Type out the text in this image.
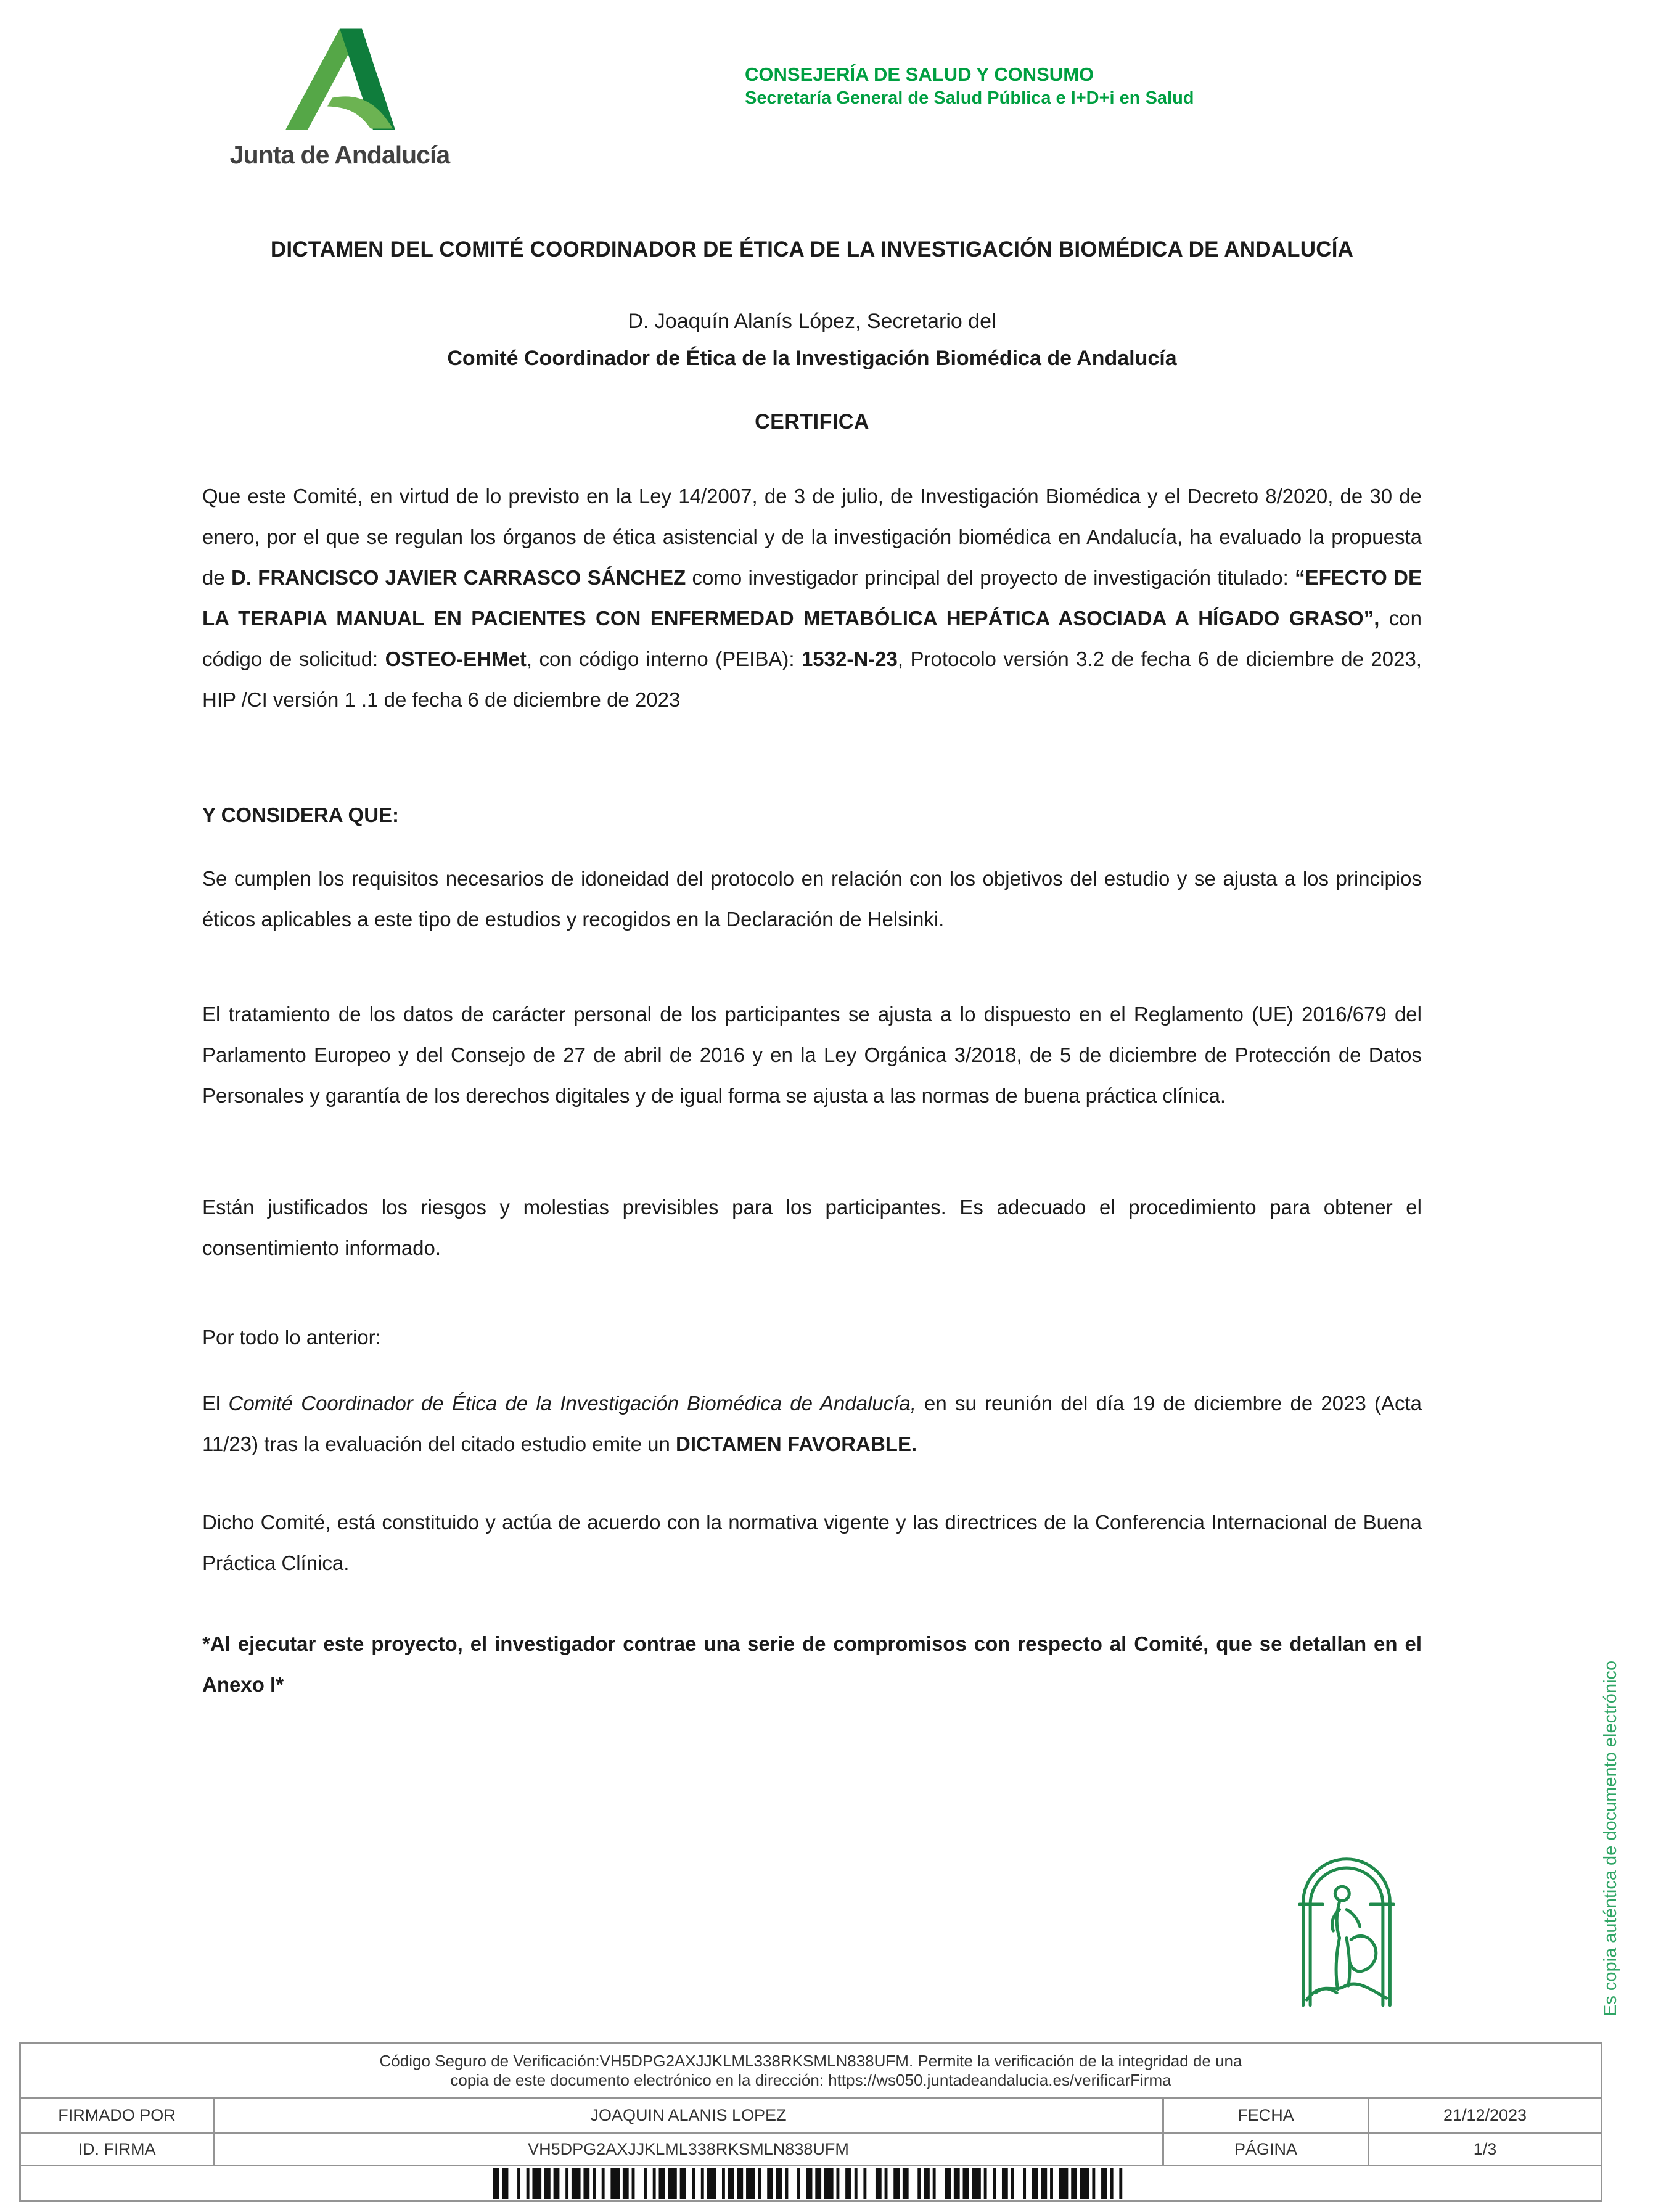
Junta de Andalucía
CONSEJERÍA DE SALUD Y CONSUMO
Secretaría General de Salud Pública e I+D+i en Salud
DICTAMEN DEL COMITÉ COORDINADOR DE ÉTICA DE LA INVESTIGACIÓN BIOMÉDICA DE ANDALUCÍA
D. Joaquín Alanís López, Secretario del
Comité Coordinador de Ética de la Investigación Biomédica de Andalucía
CERTIFICA

Que este Comité, en virtud de lo previsto en la Ley 14/2007, de 3 de julio, de Investigación Biomédica y el Decreto 8/2020, de 30 de enero, por el que se regulan los órganos de ética asistencial y de la investigación biomédica en Andalucía, ha evaluado la propuesta de D. FRANCISCO JAVIER CARRASCO SÁNCHEZ como investigador principal del proyecto de investigación titulado: “EFECTO DE LA TERAPIA MANUAL EN PACIENTES CON ENFERMEDAD METABÓLICA HEPÁTICA ASOCIADA A HÍGADO GRASO”, con código de solicitud: OSTEO-EHMet, con código interno (PEIBA): 1532-N-23, Protocolo versión 3.2 de fecha 6 de diciembre de 2023, HIP /CI versión 1 .1 de fecha 6 de diciembre de 2023

Y CONSIDERA QUE:

Se cumplen los requisitos necesarios de idoneidad del protocolo en relación con los objetivos del estudio y se ajusta a los principios éticos aplicables a este tipo de estudios y recogidos en la Declaración de Helsinki.

El tratamiento de los datos de carácter personal de los participantes se ajusta a lo dispuesto en el Reglamento (UE) 2016/679 del Parlamento Europeo y del Consejo de 27 de abril de 2016 y en la Ley Orgánica 3/2018, de 5 de diciembre de Protección de Datos Personales y garantía de los derechos digitales y de igual forma se ajusta a las normas de buena práctica clínica.

Están justificados los riesgos y molestias previsibles para los participantes. Es adecuado el procedimiento para obtener el consentimiento informado.

Por todo lo anterior:

El Comité Coordinador de Ética de la Investigación Biomédica de Andalucía, en su reunión del día 19 de diciembre de 2023 (Acta 11/23) tras la evaluación del citado estudio emite un DICTAMEN FAVORABLE.

Dicho Comité, está constituido y actúa de acuerdo con la normativa vigente y las directrices de la Conferencia Internacional de Buena Práctica Clínica.

*Al ejecutar este proyecto, el investigador contrae una serie de compromisos con respecto al Comité, que se detallan en el Anexo I*	Es copia auténtica de documento electrónico
Código Seguro de Verificación:VH5DPG2AXJJKLML338RKSMLN838UFM. Permite la verificación de la integridad de una
copia de este documento electrónico en la dirección: https://ws050.juntadeandalucia.es/verificarFirma			

FIRMADO POR	JOAQUIN ALANIS LOPEZ	FECHA	21/12/2023
ID. FIRMA	VH5DPG2AXJJKLML338RKSMLN838UFM	PÁGINA	1/3
